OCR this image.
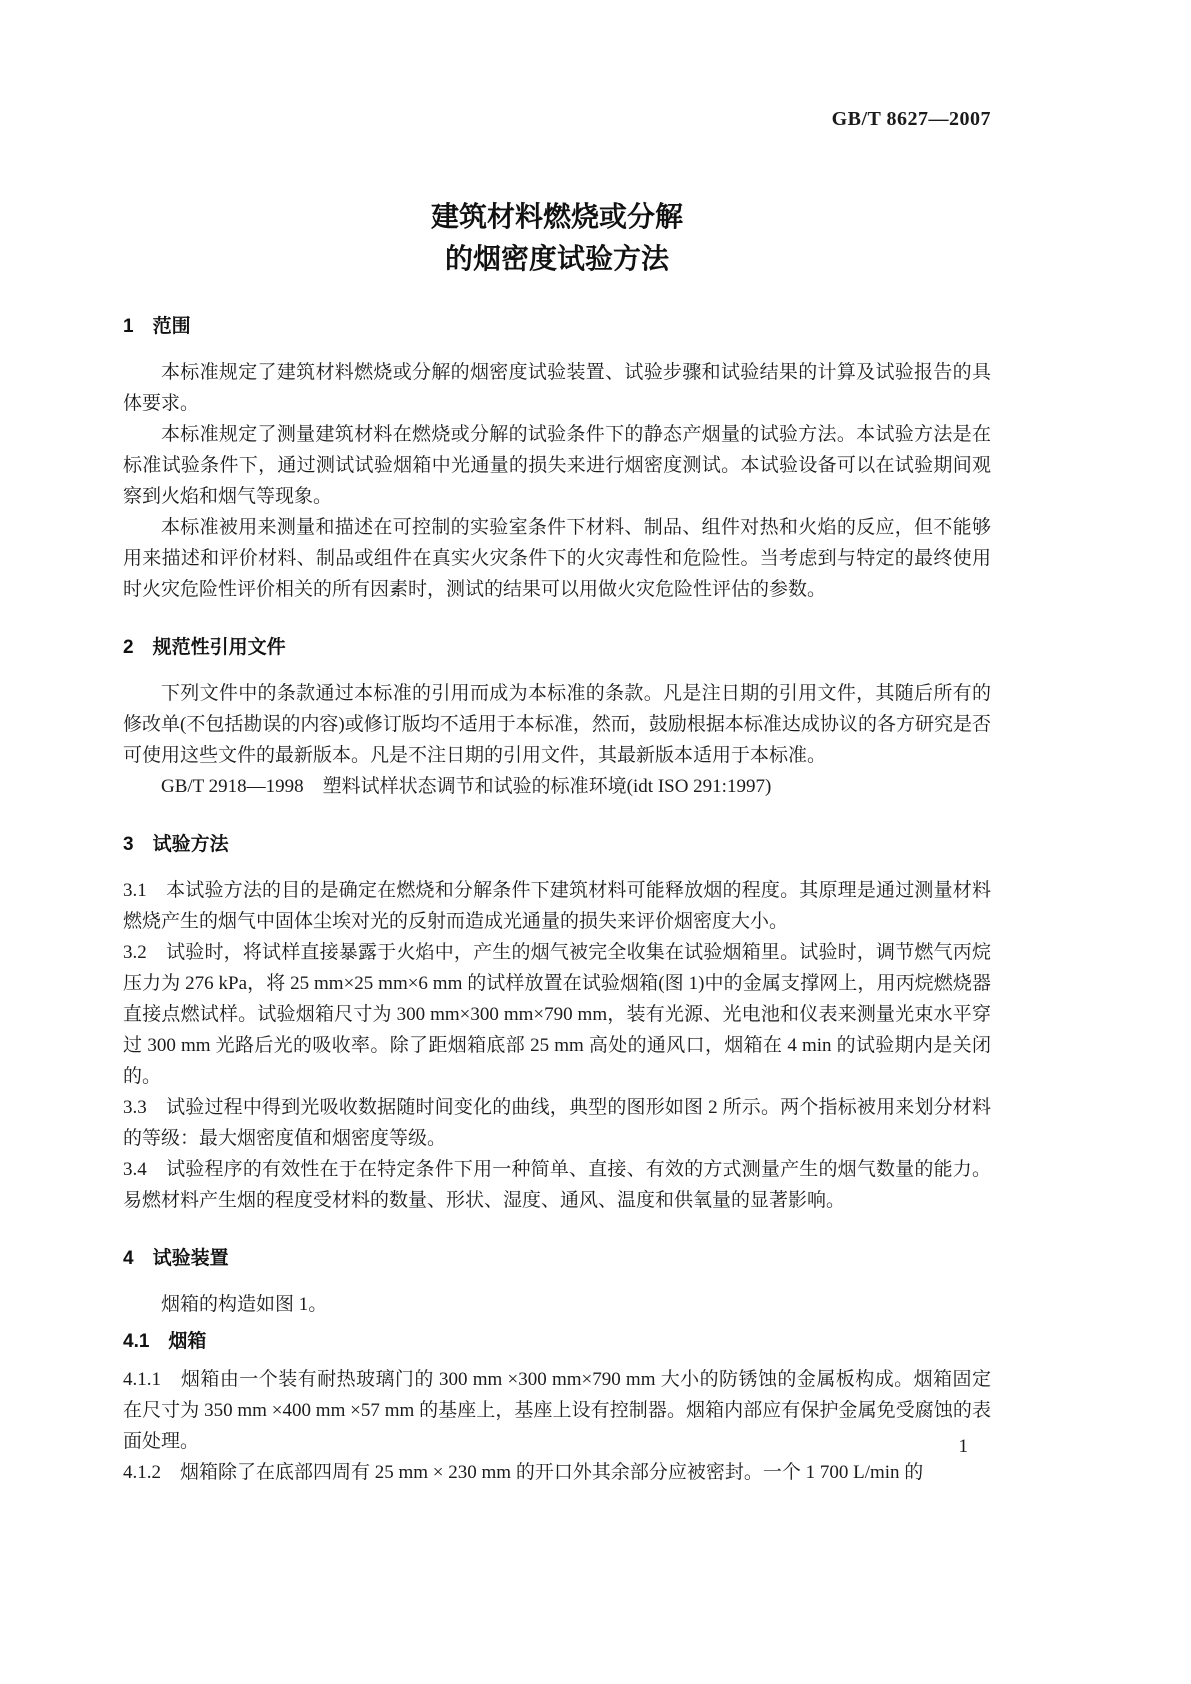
GB/T 8627—2007
建筑材料燃烧或分解
的烟密度试验方法
1　范围
本标准规定了建筑材料燃烧或分解的烟密度试验装置、试验步骤和试验结果的计算及试验报告的具体要求。
本标准规定了测量建筑材料在燃烧或分解的试验条件下的静态产烟量的试验方法。本试验方法是在标准试验条件下，通过测试试验烟箱中光通量的损失来进行烟密度测试。本试验设备可以在试验期间观察到火焰和烟气等现象。
本标准被用来测量和描述在可控制的实验室条件下材料、制品、组件对热和火焰的反应，但不能够用来描述和评价材料、制品或组件在真实火灾条件下的火灾毒性和危险性。当考虑到与特定的最终使用时火灾危险性评价相关的所有因素时，测试的结果可以用做火灾危险性评估的参数。
2　规范性引用文件
下列文件中的条款通过本标准的引用而成为本标准的条款。凡是注日期的引用文件，其随后所有的修改单(不包括勘误的内容)或修订版均不适用于本标准，然而，鼓励根据本标准达成协议的各方研究是否可使用这些文件的最新版本。凡是不注日期的引用文件，其最新版本适用于本标准。
GB/T 2918—1998　塑料试样状态调节和试验的标准环境(idt ISO 291:1997)
3　试验方法
3.1　本试验方法的目的是确定在燃烧和分解条件下建筑材料可能释放烟的程度。其原理是通过测量材料燃烧产生的烟气中固体尘埃对光的反射而造成光通量的损失来评价烟密度大小。
3.2　试验时，将试样直接暴露于火焰中，产生的烟气被完全收集在试验烟箱里。试验时，调节燃气丙烷压力为 276 kPa，将 25 mm×25 mm×6 mm 的试样放置在试验烟箱(图 1)中的金属支撑网上，用丙烷燃烧器直接点燃试样。试验烟箱尺寸为 300 mm×300 mm×790 mm，装有光源、光电池和仪表来测量光束水平穿过 300 mm 光路后光的吸收率。除了距烟箱底部 25 mm 高处的通风口，烟箱在 4 min 的试验期内是关闭的。
3.3　试验过程中得到光吸收数据随时间变化的曲线，典型的图形如图 2 所示。两个指标被用来划分材料的等级：最大烟密度值和烟密度等级。
3.4　试验程序的有效性在于在特定条件下用一种简单、直接、有效的方式测量产生的烟气数量的能力。易燃材料产生烟的程度受材料的数量、形状、湿度、通风、温度和供氧量的显著影响。
4　试验装置
烟箱的构造如图 1。
4.1　烟箱
4.1.1　烟箱由一个装有耐热玻璃门的 300 mm ×300 mm×790 mm 大小的防锈蚀的金属板构成。烟箱固定在尺寸为 350 mm ×400 mm ×57 mm 的基座上，基座上设有控制器。烟箱内部应有保护金属免受腐蚀的表面处理。
4.1.2　烟箱除了在底部四周有 25 mm × 230 mm 的开口外其余部分应被密封。一个 1 700 L/min 的
1
